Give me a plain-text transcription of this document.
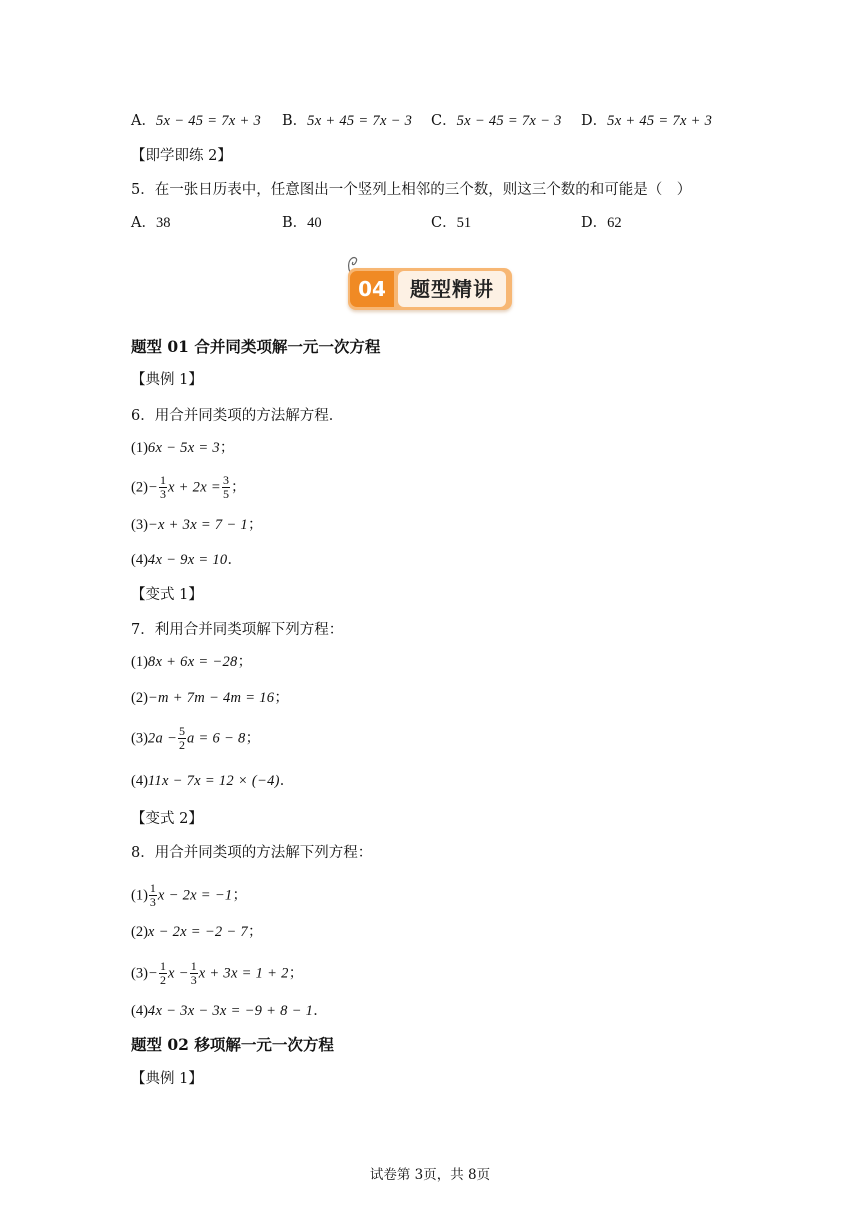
A．5x − 45 = 7x + 3 B．5x + 45 = 7x − 3 C．5x − 45 = 7x − 3 D．5x + 45 = 7x + 3
【即学即练 2】
5．在一张日历表中，任意图出一个竖列上相邻的三个数，则这三个数的和可能是（　）
A．38	B．40	C．51	D．62
04	题型精讲
题型 01 合并同类项解一元一次方程
【典例 1】
6．用合并同类项的方法解方程．
(1)6x − 5x = 3；
$(2)- \frac{1}{3}$ $x + 2x = \frac{3}{5}$ ；
(3)−x + 3x = 7 − 1；
(4)4x − 9x = 10．
【变式 1】
7．利用合并同类项解下列方程：
(1)8x + 6x = −28；
(2)−m + 7m − 4m = 16；
$(3)2a - \frac{5}{2}$ a = 6 − 8；
(4)11x − 7x = 12 × (−4)．
【变式 2】
8．用合并同类项的方法解下列方程：
$(1) \frac{1}{3}$ x − 2x = −1；
(2)x − 2x = −2 − 7；
$(3)- \frac{1}{2}$ $x - \frac{1}{3}$ x + 3x = 1 + 2；
(4)4x − 3x − 3x = −9 + 8 − 1．
题型 02 移项解一元一次方程
【典例 1】
试卷第 3页，共 8页
